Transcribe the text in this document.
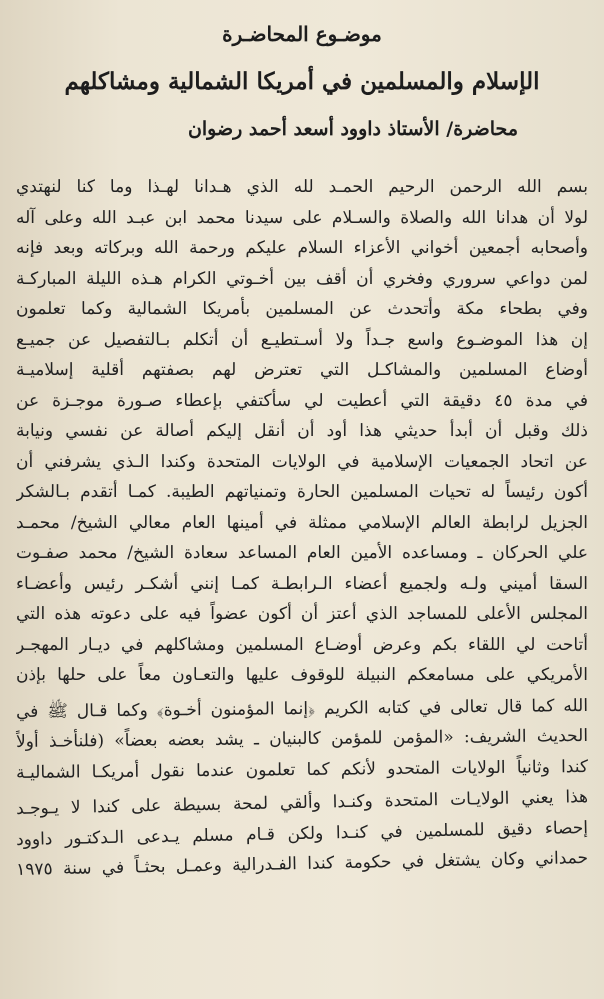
موضـوع المحاضـرة
الإسلام والمسلمين في أمريكا الشمالية ومشاكلهم
محاضرة/ الأستاذ داوود أسعد أحمد رضوان
بسم الله الرحمن الرحيم الحمـد لله الذي هـدانا لهـذا وما كنا لنهتدي
لولا أن هدانا الله والصلاة والسـلام على سيدنا محمد ابن عبـد الله وعلى آله
وأصحابه أجمعين أخواني الأعزاء السلام عليكم ورحمة الله وبركاته وبعد فإنه
لمن دواعي سروري وفخري أن أقف بين أخـوتي الكرام هـذه الليلة المباركـة
وفي بطحاء مكة وأتحدث عن المسلمين بأمريكا الشمالية وكما تعلمون
إن هذا الموضـوع واسع جـداً ولا أسـتطيـع أن أتكلم بـالتفصيل عن جميـع
أوضاع المسلمين والمشاكـل التي تعترض لهم بصفتهم أقلية إسلاميـة
في مدة ٤٥ دقيقة التي أعطيت لي سأكتفي بإعطاء صـورة موجـزة عن
ذلك وقبل أن أبدأ حديثي هذا أود أن أنقل إليكم أصالة عن نفسي ونيابة
عن اتحاد الجمعيات الإسلامية في الولايات المتحدة وكندا الـذي يشرفني أن
أكون رئيساً له تحيات المسلمين الحارة وتمنياتهم الطيبة. كمـا أتقدم بـالشكر
الجزيل لرابطة العالم الإسلامي ممثلة في أمينها العام معالي الشيخ/ محمـد
علي الحركان ـ ومساعده الأمين العام المساعد سعادة الشيخ/ محمد صفـوت
السقا أميني ولـه ولجميع أعضاء الـرابطـة كمـا إنني أشكـر رئيس وأعضـاء
المجلس الأعلى للمساجد الذي أعتز أن أكون عضواً فيه على دعوته هذه التي
أتاحت لي اللقاء بكم وعرض أوضـاع المسلمين ومشاكلهم في ديـار المهجـر
الأمريكي على مسامعكم النبيلة للوقوف عليها والتعـاون معاً على حلها بإذن
الله كما قال تعالى في كتابه الكريم ﴿إنما المؤمنون أخـوة﴾ وكما قـال ﷺ في
الحديث الشريف: «المؤمن للمؤمن كالبنيان ـ يشد بعضه بعضاً» (فلنأخـذ أولاً
كندا وثانياً الولايات المتحدو لأنكم كما تعلمون عندما نقول أمريكـا الشماليـة
هذا يعني الولايـات المتحدة وكنـدا وألقي لمحة بسيطة على كندا لا يـوجـد
إحصاء دقيق للمسلمين في كنـدا ولكن قـام مسلم يـدعى الـدكتـور داوود
حمداني وكان يشتغل في حكومة كندا الفـدرالية وعمـل بحثـاً في سنة ١٩٧٥
